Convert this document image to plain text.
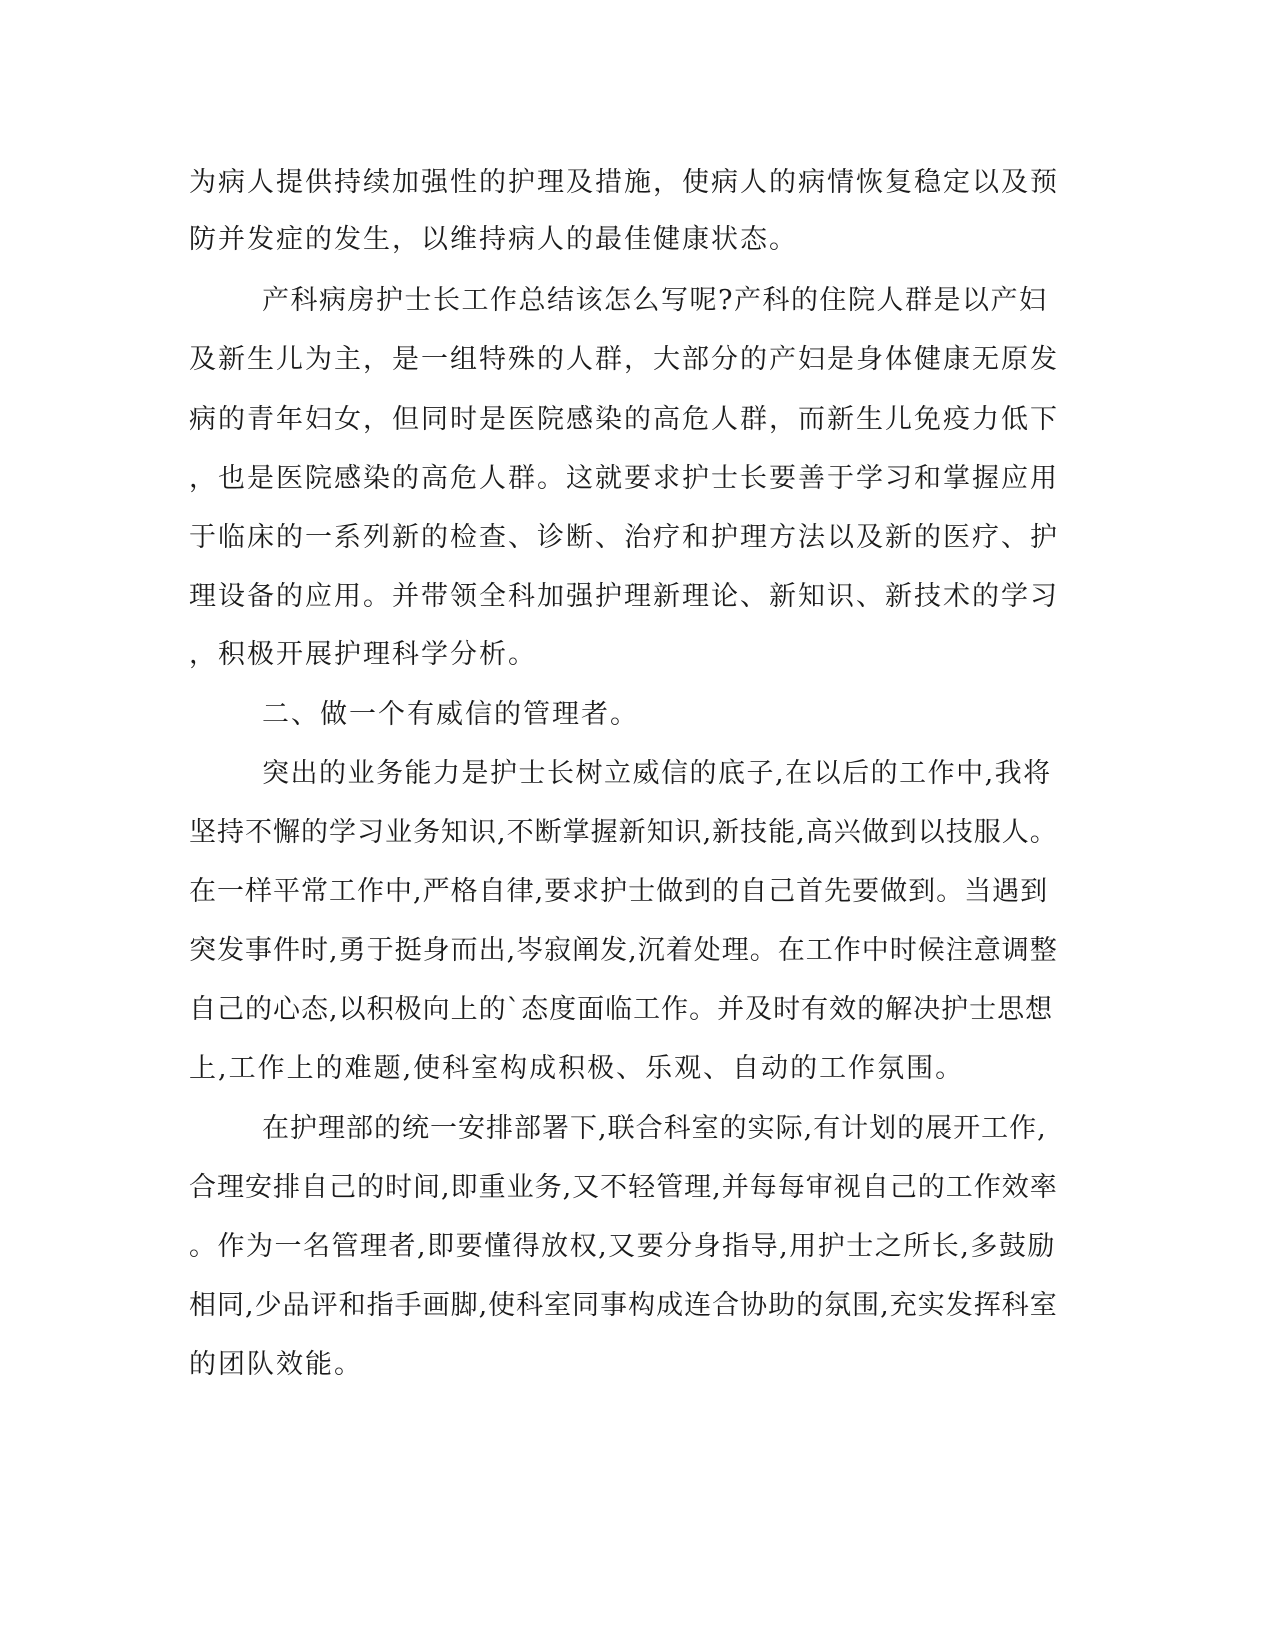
为病人提供持续加强性的护理及措施，使病人的病情恢复稳定以及预
防并发症的发生，以维持病人的最佳健康状态。
产科病房护士长工作总结该怎么写呢?产科的住院人群是以产妇
及新生儿为主，是一组特殊的人群，大部分的产妇是身体健康无原发
病的青年妇女，但同时是医院感染的高危人群，而新生儿免疫力低下
，也是医院感染的高危人群。这就要求护士长要善于学习和掌握应用
于临床的一系列新的检查、诊断、治疗和护理方法以及新的医疗、护
理设备的应用。并带领全科加强护理新理论、新知识、新技术的学习
，积极开展护理科学分析。
二、做一个有威信的管理者。
突出的业务能力是护士长树立威信的底子,在以后的工作中,我将
坚持不懈的学习业务知识,不断掌握新知识,新技能,高兴做到以技服人。
在一样平常工作中,严格自律,要求护士做到的自己首先要做到。当遇到
突发事件时,勇于挺身而出,岑寂阐发,沉着处理。在工作中时候注意调整
自己的心态,以积极向上的`态度面临工作。并及时有效的解决护士思想
上,工作上的难题,使科室构成积极、乐观、自动的工作氛围。
在护理部的统一安排部署下,联合科室的实际,有计划的展开工作,
合理安排自己的时间,即重业务,又不轻管理,并每每审视自己的工作效率
。作为一名管理者,即要懂得放权,又要分身指导,用护士之所长,多鼓励
相同,少品评和指手画脚,使科室同事构成连合协助的氛围,充实发挥科室
的团队效能。
